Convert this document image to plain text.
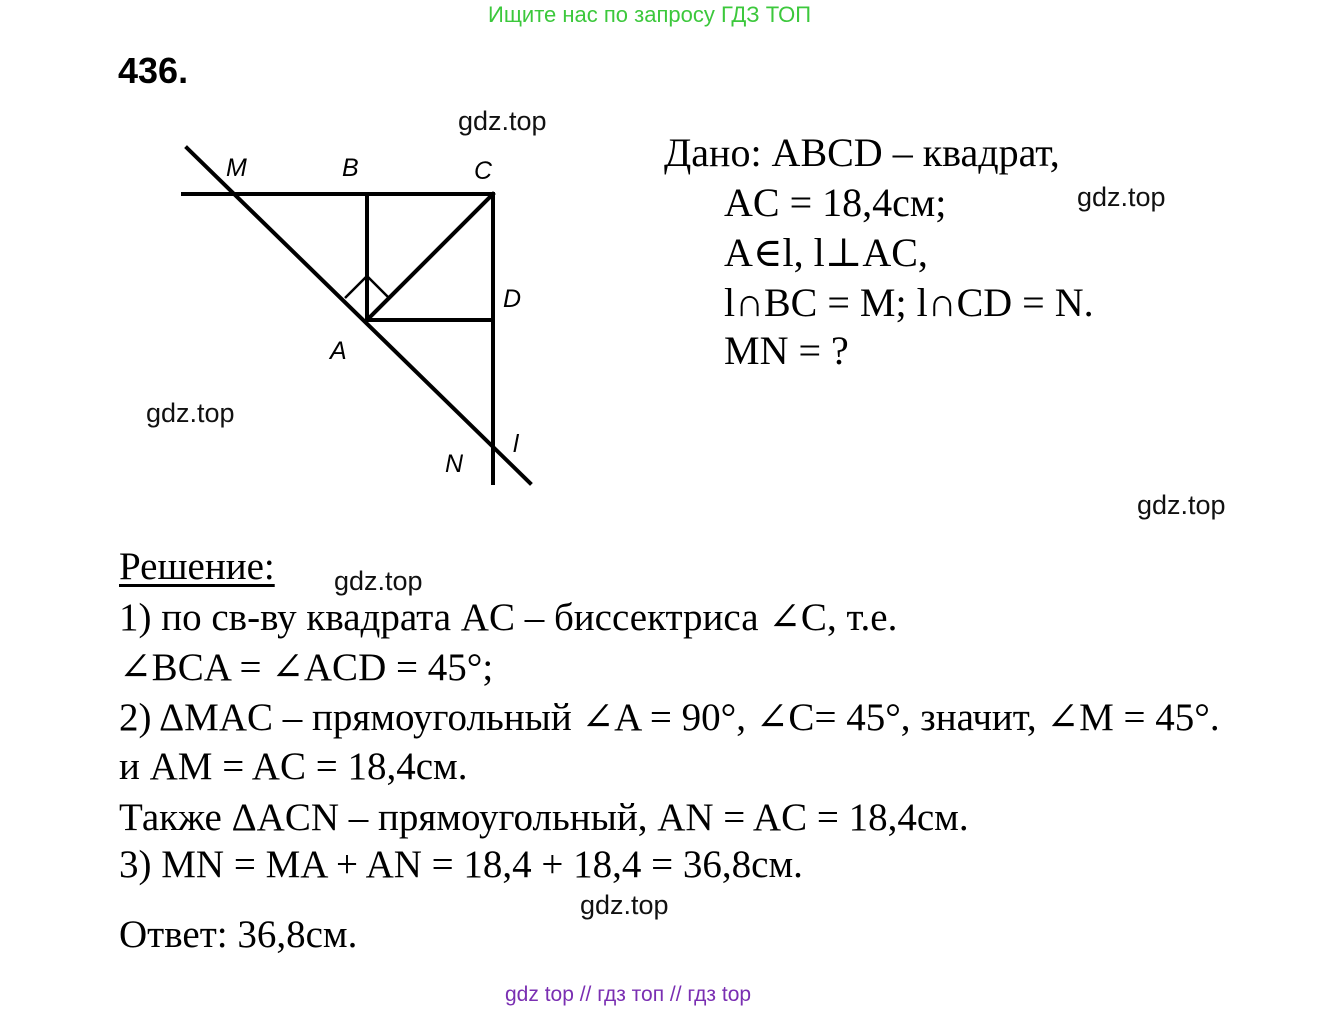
Ищите нас по запросу ГДЗ ТОП
436.
gdz.top
gdz.top
gdz.top
gdz.top
gdz.top
gdz.top
M	B	C
D
A
N
l
Дано: ABCD – квадрат,
AC = 18,4см;
A∈l, l⊥AC,
l∩BC = M; l∩CD = N.
MN = ?
Решение:
1) по св-ву квадрата AC – биссектриса ∠C, т.е.
∠BCA = ∠ACD = 45°;
2) ΔMAC – прямоугольный ∠A = 90°, ∠C= 45°, значит, ∠M = 45°.
и AM = AC = 18,4см.
Также ΔACN – прямоугольный, AN = AC = 18,4см.
3) MN = MA + AN = 18,4 + 18,4 = 36,8см.
Ответ: 36,8см.
gdz top // гдз топ // гдз top
